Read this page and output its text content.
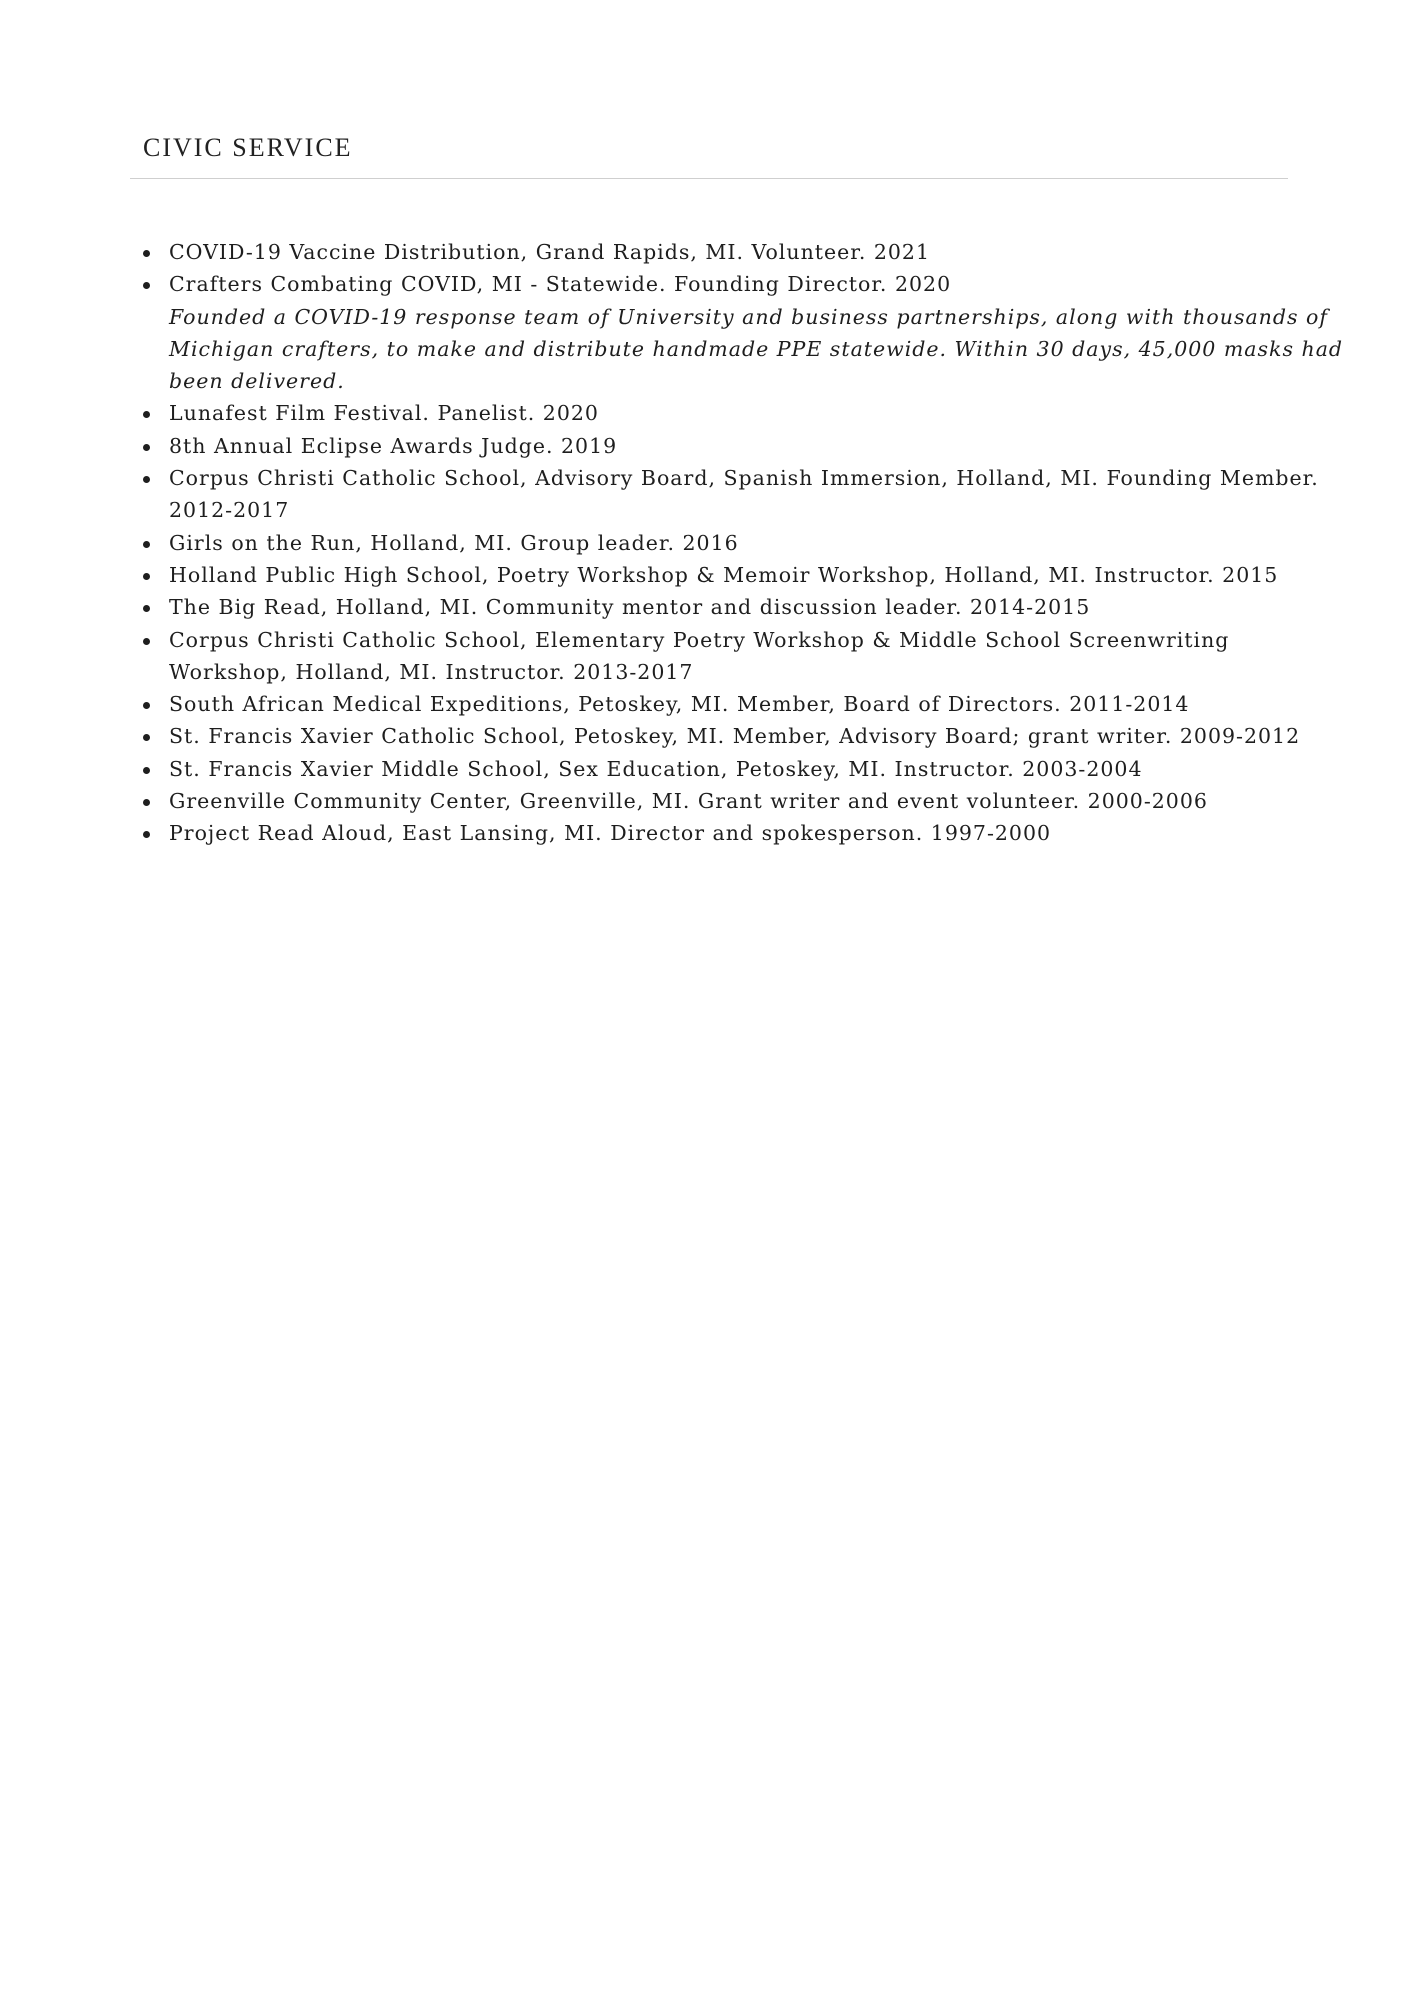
CIVIC SERVICE
COVID-19 Vaccine Distribution, Grand Rapids, MI. Volunteer. 2021
Crafters Combating COVID, MI - Statewide. Founding Director. 2020
Founded a COVID-19 response team of University and business partnerships, along with thousands of
Michigan crafters, to make and distribute handmade PPE statewide. Within 30 days, 45,000 masks had
been delivered.
Lunafest Film Festival. Panelist. 2020
8th Annual Eclipse Awards Judge. 2019
Corpus Christi Catholic School, Advisory Board, Spanish Immersion, Holland, MI. Founding Member.
2012-2017
Girls on the Run, Holland, MI. Group leader. 2016
Holland Public High School, Poetry Workshop & Memoir Workshop, Holland, MI. Instructor. 2015
The Big Read, Holland, MI. Community mentor and discussion leader. 2014-2015
Corpus Christi Catholic School, Elementary Poetry Workshop & Middle School Screenwriting
Workshop, Holland, MI. Instructor. 2013-2017
South African Medical Expeditions, Petoskey, MI. Member, Board of Directors. 2011-2014
St. Francis Xavier Catholic School, Petoskey, MI. Member, Advisory Board; grant writer. 2009-2012
St. Francis Xavier Middle School, Sex Education, Petoskey, MI. Instructor. 2003-2004
Greenville Community Center, Greenville, MI. Grant writer and event volunteer. 2000-2006
Project Read Aloud, East Lansing, MI. Director and spokesperson. 1997-2000
